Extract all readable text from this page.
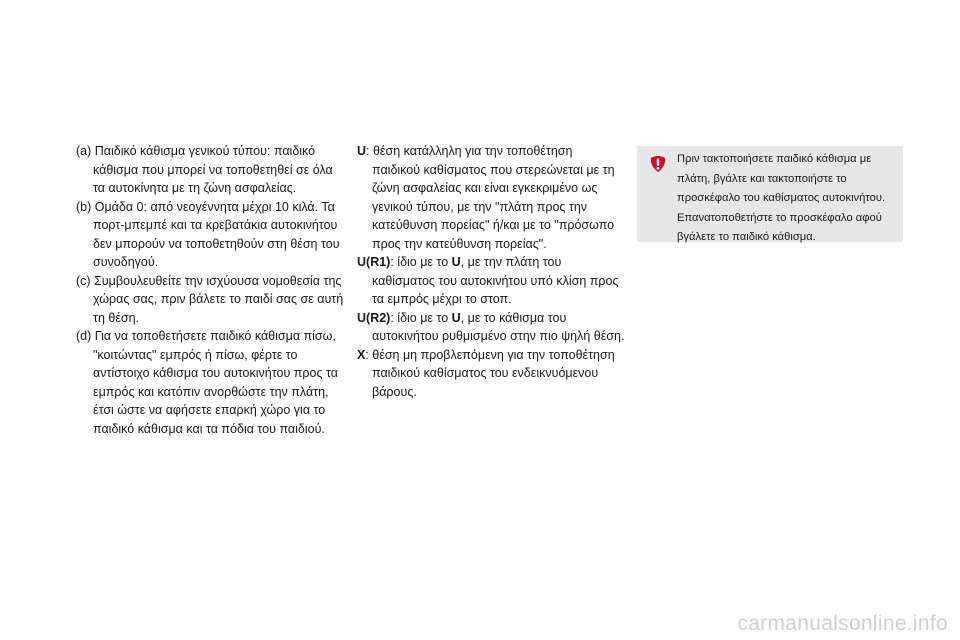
(a) Παιδικό κάθισμα γενικού τύπου: παιδικό κάθισμα που μπορεί να τοποθετηθεί σε όλα τα αυτοκίνητα με τη ζώνη ασφαλείας.

(b) Ομάδα 0: από νεογέννητα μέχρι 10 κιλά. Τα πορτ-μπεμπέ και τα κρεβατάκια αυτοκινήτου δεν μπορούν να τοποθετηθούν στη θέση του συνοδηγού.

(c) Συμβουλευθείτε την ισχύουσα νομοθεσία της χώρας σας, πριν βάλετε το παιδί σας σε αυτή τη θέση.

(d) Για να τοποθετήσετε παιδικό κάθισμα πίσω, "κοιτώντας" εμπρός ή πίσω, φέρτε το αντίστοιχο κάθισμα του αυτοκινήτου προς τα εμπρός και κατόπιν ανορθώστε την πλάτη, έτσι ώστε να αφήσετε επαρκή χώρο για το παιδικό κάθισμα και τα πόδια του παιδιού.

U: θέση κατάλληλη για την τοποθέτηση
παιδικού καθίσματος που στερεώνεται με τη ζώνη ασφαλείας και είναι εγκεκριμένο ως γενικού τύπου, με την "πλάτη προς την κατεύθυνση πορείας" ή/και με το "πρόσωπο προς την κατεύθυνση πορείας".

U(R1): ίδιο με το U, με την πλάτη του
καθίσματος του αυτοκινήτου υπό κλίση προς τα εμπρός μέχρι το στοπ.

U(R2): ίδιο με το U, με το κάθισμα του
αυτοκινήτου ρυθμισμένο στην πιο ψηλή θέση.

X: θέση μη προβλεπόμενη για την τοποθέτηση
παιδικού καθίσματος του ενδεικνυόμενου βάρους.

Πριν τακτοποιήσετε παιδικό κάθισμα με πλάτη, βγάλτε και τακτοποιήστε το προσκέφαλο του καθίσματος αυτοκινήτου. Επανατοποθετήστε το προσκέφαλο αφού βγάλετε το παιδικό κάθισμα.
carmanualsonline.info
